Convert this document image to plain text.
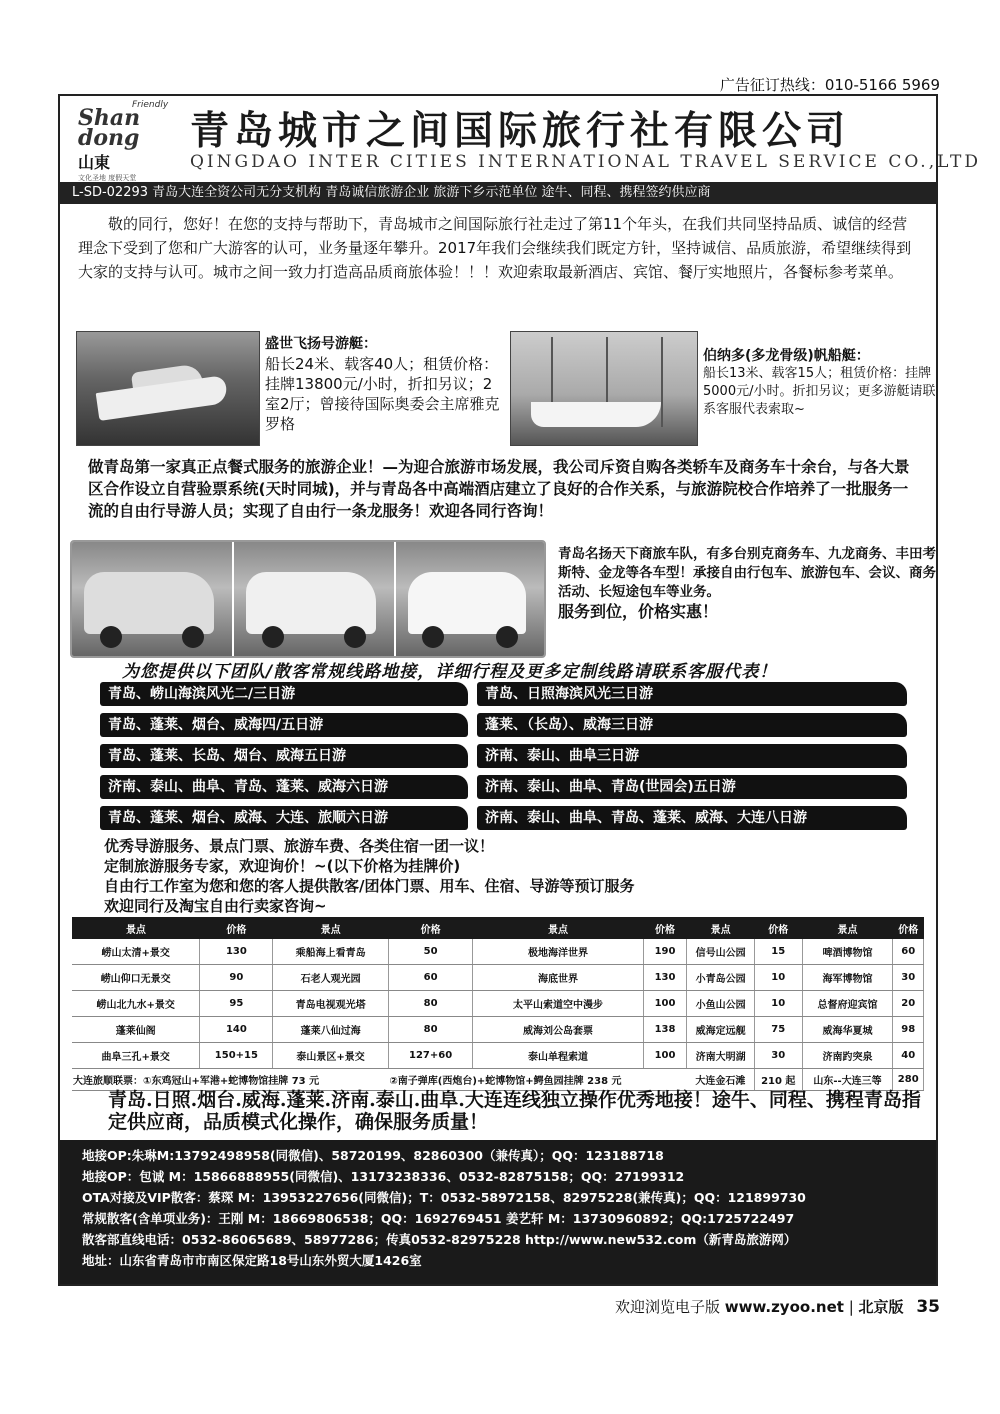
广告征订热线：010-5166 5969
Friendly
Shan dong
山東
文化圣地 度假天堂
青岛城市之间国际旅行社有限公司
QINGDAO INTER CITIES INTERNATIONAL TRAVEL SERVICE CO.,LTD
L-SD-02293 青岛大连全资公司无分支机构 青岛诚信旅游企业 旅游下乡示范单位 途牛、同程、携程签约供应商
敬的同行，您好！在您的支持与帮助下，青岛城市之间国际旅行社走过了第11个年头，在我们共同坚持品质、诚信的经营理念下受到了您和广大游客的认可，业务量逐年攀升。2017年我们会继续我们既定方针，坚持诚信、品质旅游，希望继续得到大家的支持与认可。城市之间一致力打造高品质商旅体验！！！欢迎索取最新酒店、宾馆、餐厅实地照片，各餐标参考菜单。
盛世飞扬号游艇：
船长24米、载客40人；租赁价格：挂牌13800元/小时，折扣另议；2室2厅；曾接待国际奥委会主席雅克罗格
伯纳多(多龙骨级)帆船艇：
船长13米、载客15人；租赁价格：挂牌5000元/小时。折扣另议；更多游艇请联系客服代表索取~
做青岛第一家真正点餐式服务的旅游企业！—为迎合旅游市场发展，我公司斥资自购各类轿车及商务车十余台，与各大景区合作设立自营验票系统(天时同城)，并与青岛各中高端酒店建立了良好的合作关系，与旅游院校合作培养了一批服务一流的自由行导游人员；实现了自由行一条龙服务！欢迎各同行咨询！
青岛名扬天下商旅车队，有多台别克商务车、九龙商务、丰田考斯特、金龙等各车型！承接自由行包车、旅游包车、会议、商务活动、长短途包车等业务。
服务到位，价格实惠！
为您提供以下团队/散客常规线路地接，详细行程及更多定制线路请联系客服代表！
青岛、崂山海滨风光二/三日游
青岛、蓬莱、烟台、威海四/五日游
青岛、蓬莱、长岛、烟台、威海五日游
济南、泰山、曲阜、青岛、蓬莱、威海六日游
青岛、蓬莱、烟台、威海、大连、旅顺六日游
青岛、日照海滨风光三日游
蓬莱、（长岛）、威海三日游
济南、泰山、曲阜三日游
济南、泰山、曲阜、青岛(世园会)五日游
济南、泰山、曲阜、青岛、蓬莱、威海、大连八日游
优秀导游服务、景点门票、旅游车费、各类住宿一团一议！
定制旅游服务专家，欢迎询价！~(以下价格为挂牌价)
自由行工作室为您和您的客人提供散客/团体门票、用车、住宿、导游等预订服务
欢迎同行及淘宝自由行卖家咨询~
景点	价格	景点	价格	景点	价格	景点	价格	景点	价格
崂山太清+景交	130	乘船海上看青岛	50	极地海洋世界	190	信号山公园	15	啤酒博物馆	60
崂山仰口无景交	90	石老人观光园	60	海底世界	130	小青岛公园	10	海军博物馆	30
崂山北九水+景交	95	青岛电视观光塔	80	太平山索道空中漫步	100	小鱼山公园	10	总督府迎宾馆	20
蓬莱仙阁	140	蓬莱八仙过海	80	威海刘公岛套票	138	威海定远舰	75	威海华夏城	98
曲阜三孔+景交	150+15	泰山景区+景交	127+60	泰山单程索道	100	济南大明湖	30	济南趵突泉	40
大连旅顺联票：①东鸡冠山+军港+蛇博物馆挂牌 73 元			②南子弹库(西炮台)+蛇博物馆+鳄鱼园挂牌 238 元			大连金石滩	210 起	山东--大连三等	280
青岛.日照.烟台.威海.蓬莱.济南.泰山.曲阜.大连连线独立操作优秀地接！途牛、同程、携程青岛指定供应商，品质模式化操作，确保服务质量！
地接OP:朱琳M:13792498958(同微信)、58720199、82860300（兼传真）；QQ：123188718
地接OP：包诚 M：15866888955(同微信)、13173238336、0532-82875158；QQ：27199312
OTA对接及VIP散客：蔡琛 M：13953227656(同微信)；T：0532-58972158、82975228(兼传真)；QQ：121899730
常规散客(含单项业务)：王刚 M：18669806538；QQ：1692769451 姜艺轩 M：13730960892；QQ:1725722497
散客部直线电话：0532-86065689、58977286；传真0532-82975228 http://www.new532.com（新青岛旅游网）
地址：山东省青岛市市南区保定路18号山东外贸大厦1426室
欢迎浏览电子版 www.zyoo.net | 北京版 35
